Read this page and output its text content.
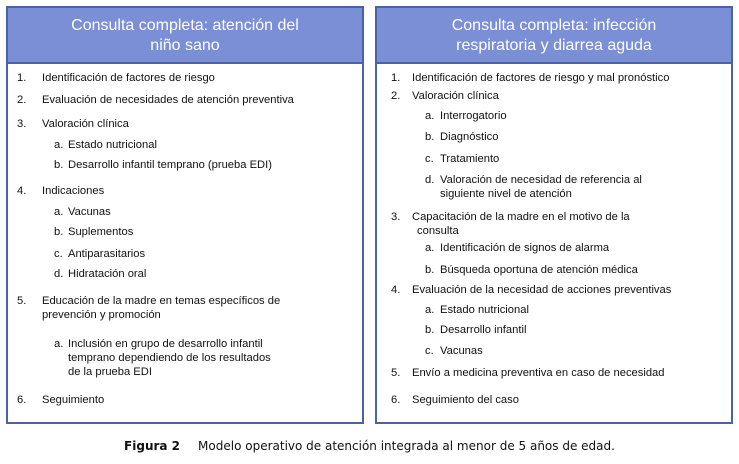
Consulta completa: atención del
niño sano
1. Identificación de factores de riesgo
2. Evaluación de necesidades de atención preventiva
3. Valoración clínica
a. Estado nutricional
b. Desarrollo infantil temprano (prueba EDI)
4. Indicaciones
a. Vacunas
b. Suplementos
c. Antiparasitarios
d. Hidratación oral
5. Educación de la madre en temas específicos de
prevención y promoción
a. Inclusión en grupo de desarrollo infantil
temprano dependiendo de los resultados
de la prueba EDI
6. Seguimiento
Consulta completa: infección
respiratoria y diarrea aguda
1. Identificación de factores de riesgo y mal pronóstico
2. Valoración clínica
a. Interrogatorio
b. Diagnóstico
c. Tratamiento
d. Valoración de necesidad de referencia al
siguiente nivel de atención
3. Capacitación de la madre en el motivo de la
consulta
a. Identificación de signos de alarma
b. Búsqueda oportuna de atención médica
4. Evaluación de la necesidad de acciones preventivas
a. Estado nutricional
b. Desarrollo infantil
c. Vacunas
5. Envío a medicina preventiva en caso de necesidad
6. Seguimiento del caso
Figura 2 Modelo operativo de atención integrada al menor de 5 años de edad.
